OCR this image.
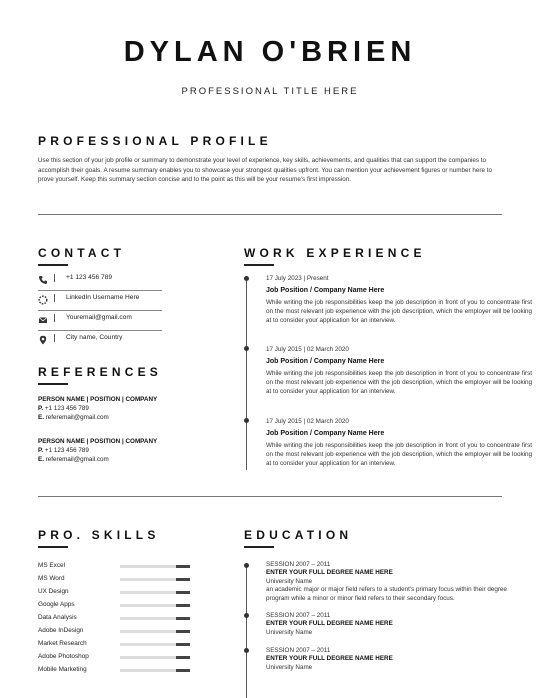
DYLAN O'BRIEN
PROFESSIONAL TITLE HERE
PROFESSIONAL PROFILE
Use this section of your job profile or summary to demonstrate your level of experience, key skills, achievements, and qualities that can support the companies to accomplish their goals. A resume summary enables you to showcase your strongest qualities upfront. You can mention your achievement figures or number here to prove yourself. Keep this summary section concise and to the point as this will be your resume's first impression.
CONTACT
+1 123 456 789
LinkedIn Username Here
Youremail@gmail.com
City name, Country
REFERENCES
PERSON NAME | POSITION | COMPANY
P. +1 123 456 789
E. referemail@gmail.com
PERSON NAME | POSITION | COMPANY
P. +1 123 456 789
E. referemail@gmail.com
WORK EXPERIENCE
17 July 2023 | Present
Job Position / Company Name Here
While writing the job responsibilities keep the job description in front of you to concentrate first on the most relevant job experience with the job description, which the employer will be looking at to consider your application for an interview.
17 July 2015 | 02 March 2020
Job Position / Company Name Here
While writing the job responsibilities keep the job description in front of you to concentrate first on the most relevant job experience with the job description, which the employer will be looking at to consider your application for an interview.
17 July 2015 | 02 March 2020
Job Position / Company Name Here
While writing the job responsibilities keep the job description in front of you to concentrate first on the most relevant job experience with the job description, which the employer will be looking at to consider your application for an interview.
PRO. SKILLS
MS Excel
MS Word
UX Design
Google Apps
Data Analysis
Adobe InDesign
Market Research
Adobe Photoshop
Mobile Marketing
EDUCATION
SESSION 2007 – 2011
ENTER YOUR FULL DEGREE NAME HERE
University Name
an academic major or major field refers to a student's primary focus within their degree program while a minor or minor field refers to their secondary focus.
SESSION 2007 – 2011
ENTER YOUR FULL DEGREE NAME HERE
University Name
SESSION 2007 – 2011
ENTER YOUR FULL DEGREE NAME HERE
University Name
